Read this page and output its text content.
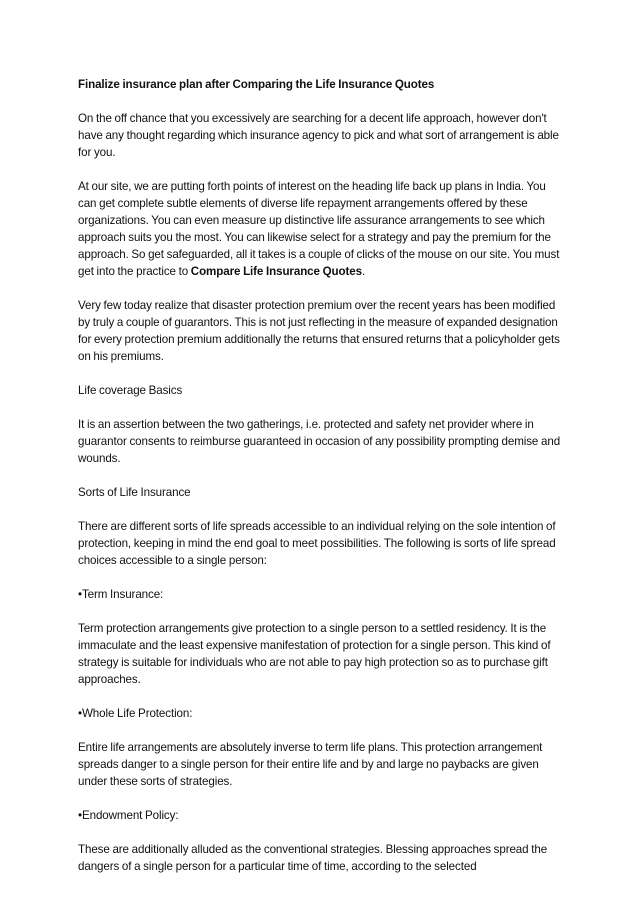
Finalize insurance plan after Comparing the Life Insurance Quotes

On the off chance that you excessively are searching for a decent life approach, however don't have any thought regarding which insurance agency to pick and what sort of arrangement is able for you.

At our site, we are putting forth points of interest on the heading life back up plans in India. You can get complete subtle elements of diverse life repayment arrangements offered by these organizations. You can even measure up distinctive life assurance arrangements to see which approach suits you the most. You can likewise select for a strategy and pay the premium for the approach. So get safeguarded, all it takes is a couple of clicks of the mouse on our site. You must get into the practice to Compare Life Insurance Quotes.

Very few today realize that disaster protection premium over the recent years has been modified by truly a couple of guarantors. This is not just reflecting in the measure of expanded designation for every protection premium additionally the returns that ensured returns that a policyholder gets on his premiums.

Life coverage Basics

It is an assertion between the two gatherings, i.e. protected and safety net provider where in guarantor consents to reimburse guaranteed in occasion of any possibility prompting demise and wounds.

Sorts of Life Insurance

There are different sorts of life spreads accessible to an individual relying on the sole intention of protection, keeping in mind the end goal to meet possibilities. The following is sorts of life spread choices accessible to a single person:

•Term Insurance:

Term protection arrangements give protection to a single person to a settled residency. It is the immaculate and the least expensive manifestation of protection for a single person. This kind of strategy is suitable for individuals who are not able to pay high protection so as to purchase gift approaches.

•Whole Life Protection:

Entire life arrangements are absolutely inverse to term life plans. This protection arrangement spreads danger to a single person for their entire life and by and large no paybacks are given under these sorts of strategies.

•Endowment Policy:

These are additionally alluded as the conventional strategies. Blessing approaches spread the dangers of a single person for a particular time of time, according to the selected
